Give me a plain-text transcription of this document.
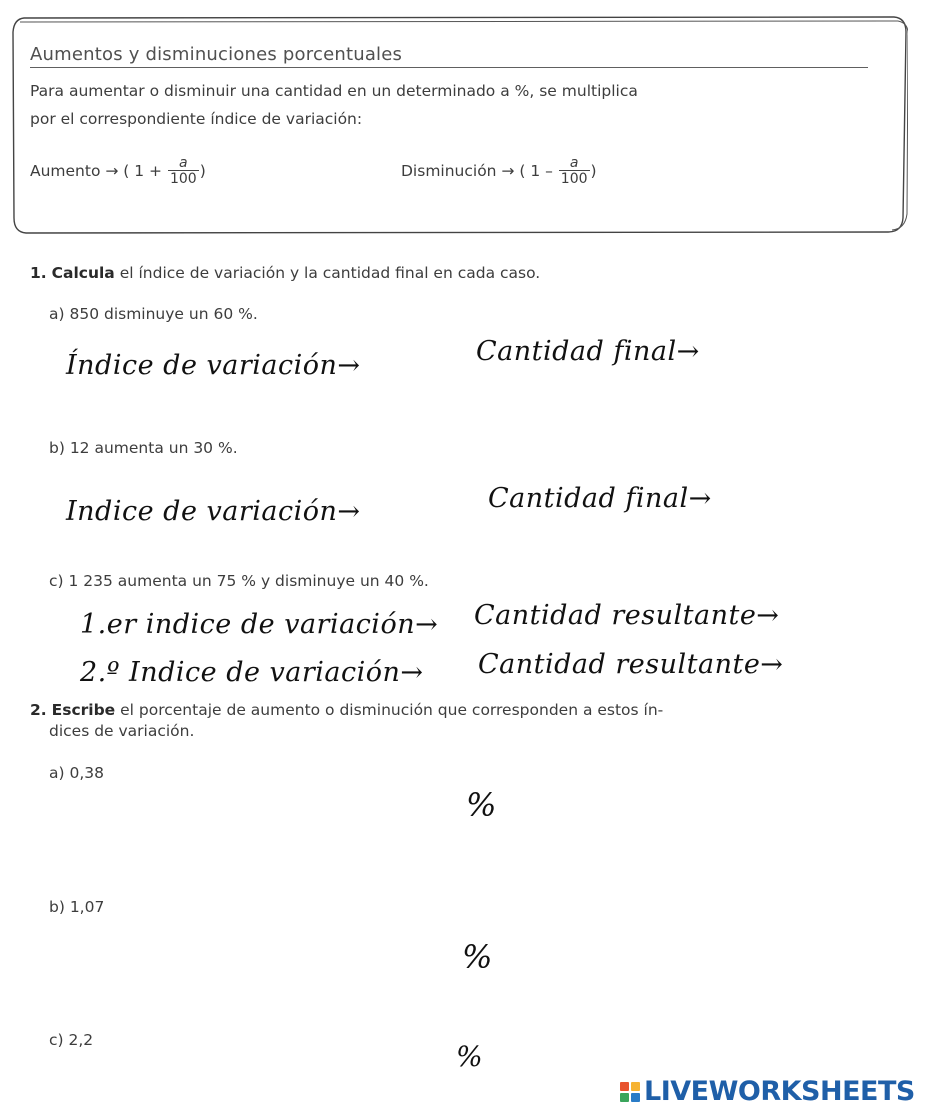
Aumentos y disminuciones porcentuales
Para aumentar o disminuir una cantidad en un determinado a %, se multiplica
por el correspondiente índice de variación:
Aumento → ( $1 + \frac{a}{100}$ )	Disminución → ( $1 - \frac{a}{100}$ )
1. Calcula el índice de variación y la cantidad final en cada caso.
a) 850 disminuye un 60 %.
Índice de variación→	Cantidad final→
b) 12 aumenta un 30 %.
Indice de variación→	Cantidad final→
c) 1 235 aumenta un 75 % y disminuye un 40 %.
1.er indice de variación→ Cantidad resultante→
2.º Indice de variación→ Cantidad resultante→
2. Escribe el porcentaje de aumento o disminución que corresponden a estos ín-
dices de variación.
a) 0,38
%
b) 1,07
%
c) 2,2	%
LIVEWORKSHEETS
